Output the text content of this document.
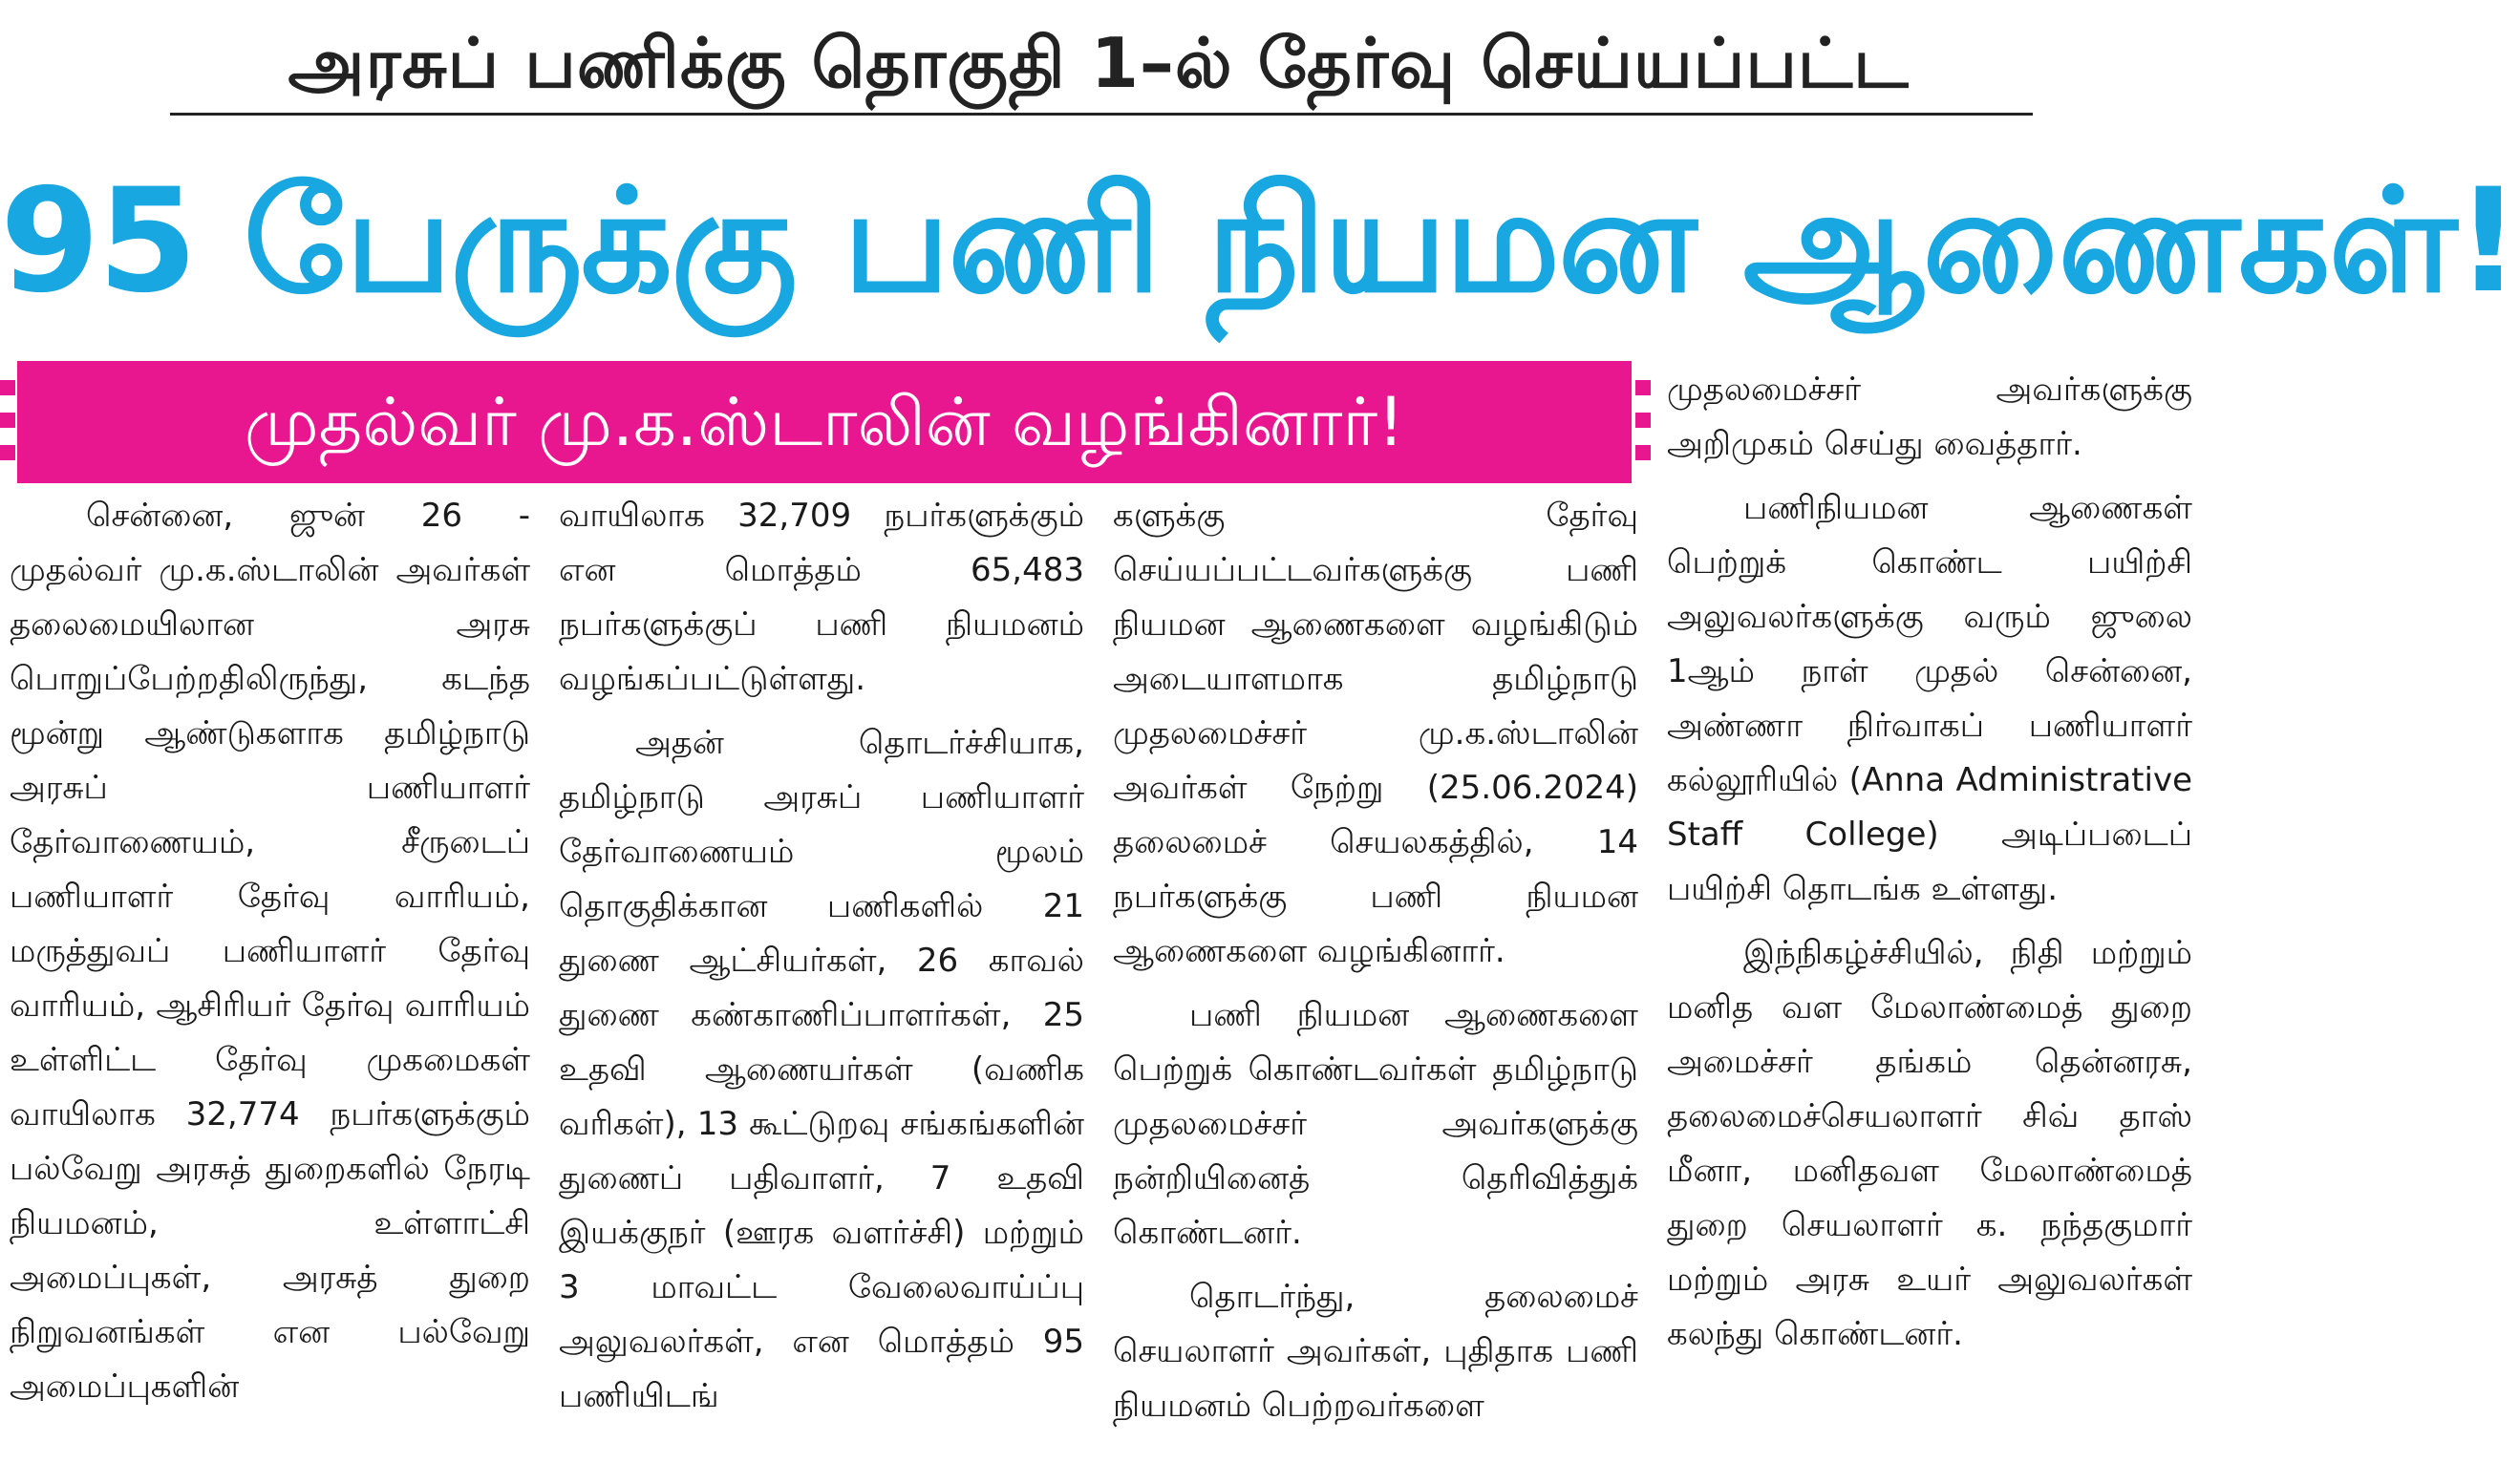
அரசுப் பணிக்கு தொகுதி 1–ல் தேர்வு செய்யப்பட்ட
95 பேருக்கு பணி நியமன ஆணைகள்!
முதல்வர் மு.க.ஸ்டாலின் வழங்கினார்!

சென்னை, ஜுன் 26 - முதல்வர் மு.க.ஸ்டாலின் அவர்கள் தலைமையிலான அரசு பொறுப்பேற்றதிலிருந்து, கடந்த மூன்று ஆண்டுகளாக தமிழ்நாடு அரசுப் பணியாளர் தேர்வாணையம், சீருடைப் பணியாளர் தேர்வு வாரியம், மருத்துவப் பணியாளர் தேர்வு வாரியம், ஆசிரியர் தேர்வு வாரியம் உள்ளிட்ட தேர்வு முகமைகள் வாயிலாக 32,774 நபர்களுக்கும் பல்வேறு அரசுத் துறைகளில் நேரடி நியமனம், உள்ளாட்சி அமைப்புகள், அரசுத் துறை நிறுவனங்கள் என பல்வேறு அமைப்புகளின்

வாயிலாக 32,709 நபர்களுக்கும் என மொத்தம் 65,483 நபர்களுக்குப் பணி நியமனம் வழங்கப்பட்டுள்ளது.

அதன் தொடர்ச்சியாக, தமிழ்நாடு அரசுப் பணியாளர் தேர்வாணையம் மூலம் தொகுதிக்கான பணிகளில் 21 துணை ஆட்சியர்கள், 26 காவல் துணை கண்காணிப்பாளர்கள், 25 உதவி ஆணையர்கள் (வணிக வரிகள்), 13 கூட்டுறவு சங்கங்களின் துணைப் பதிவாளர், 7 உதவி இயக்குநர் (ஊரக வளர்ச்சி) மற்றும் 3 மாவட்ட வேலைவாய்ப்பு அலுவலர்கள், என மொத்தம் 95 பணியிடங்

களுக்கு தேர்வு செய்யப்பட்டவர்களுக்கு பணி நியமன ஆணைகளை வழங்கிடும் அடையாளமாக தமிழ்நாடு முதலமைச்சர் மு.க.ஸ்டாலின் அவர்கள் நேற்று (25.06.2024) தலைமைச் செயலகத்தில், 14 நபர்களுக்கு பணி நியமன ஆணைகளை வழங்கினார்.

பணி நியமன ஆணைகளை பெற்றுக் கொண்டவர்கள் தமிழ்நாடு முதலமைச்சர் அவர்களுக்கு நன்றியினைத் தெரிவித்துக் கொண்டனர்.

தொடர்ந்து, தலைமைச் செயலாளர் அவர்கள், புதிதாக பணி நியமனம் பெற்றவர்களை

முதலமைச்சர் அவர்களுக்கு அறிமுகம் செய்து வைத்தார்.

பணிநியமன ஆணைகள் பெற்றுக் கொண்ட பயிற்சி அலுவலர்களுக்கு வரும் ஜுலை 1ஆம் நாள் முதல் சென்னை, அண்ணா நிர்வாகப் பணியாளர் கல்லூரியில் (Anna Administrative Staff College) அடிப்படைப் பயிற்சி தொடங்க உள்ளது.

இந்நிகழ்ச்சியில், நிதி மற்றும் மனித வள மேலாண்மைத் துறை அமைச்சர் தங்கம் தென்னரசு, தலைமைச்செயலாளர் சிவ் தாஸ் மீனா, மனிதவள மேலாண்மைத் துறை செயலாளர் க. நந்தகுமார் மற்றும் அரசு உயர் அலுவலர்கள் கலந்து கொண்டனர்.
